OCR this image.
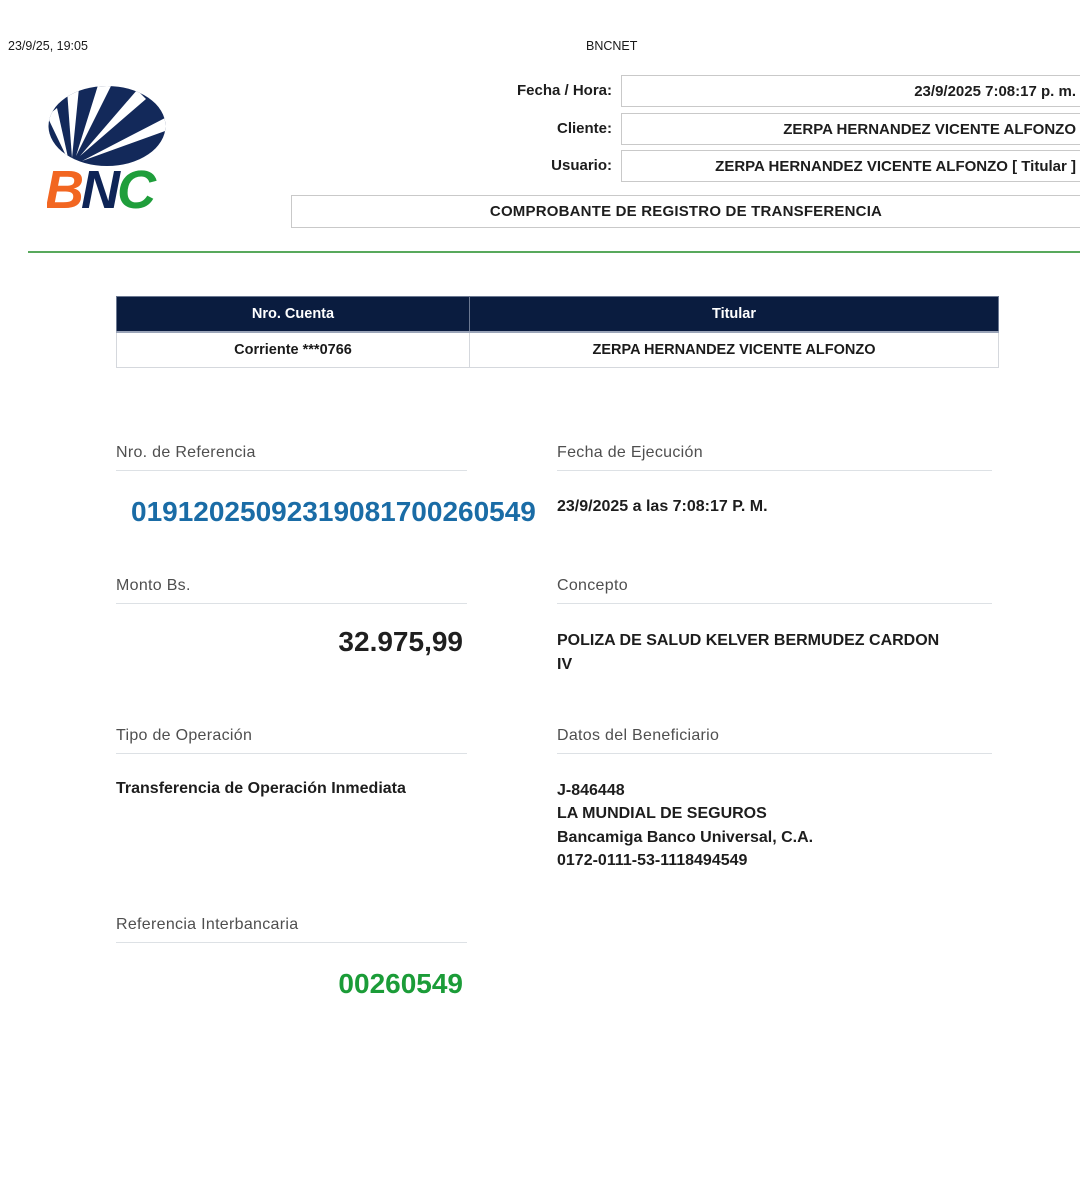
23/9/25, 19:05	BNCNET
BNC
Fecha / Hora:	23/9/2025 7:08:17 p. m.
Cliente:	ZERPA HERNANDEZ VICENTE ALFONZO
Usuario:	ZERPA HERNANDEZ VICENTE ALFONZO [ Titular ]
COMPROBANTE DE REGISTRO DE TRANSFERENCIA
Nro. Cuenta	Titular
Corriente ***0766	ZERPA HERNANDEZ VICENTE ALFONZO
Nro. de Referencia
01912025092319081700260549
Fecha de Ejecución
23/9/2025 a las 7:08:17 P. M.
Monto Bs.
32.975,99
Concepto
POLIZA DE SALUD KELVER BERMUDEZ CARDON IV
Tipo de Operación
Transferencia de Operación Inmediata
Datos del Beneficiario
J-846448
LA MUNDIAL DE SEGUROS
Bancamiga Banco Universal, C.A.
0172-0111-53-1118494549
Referencia Interbancaria
00260549
